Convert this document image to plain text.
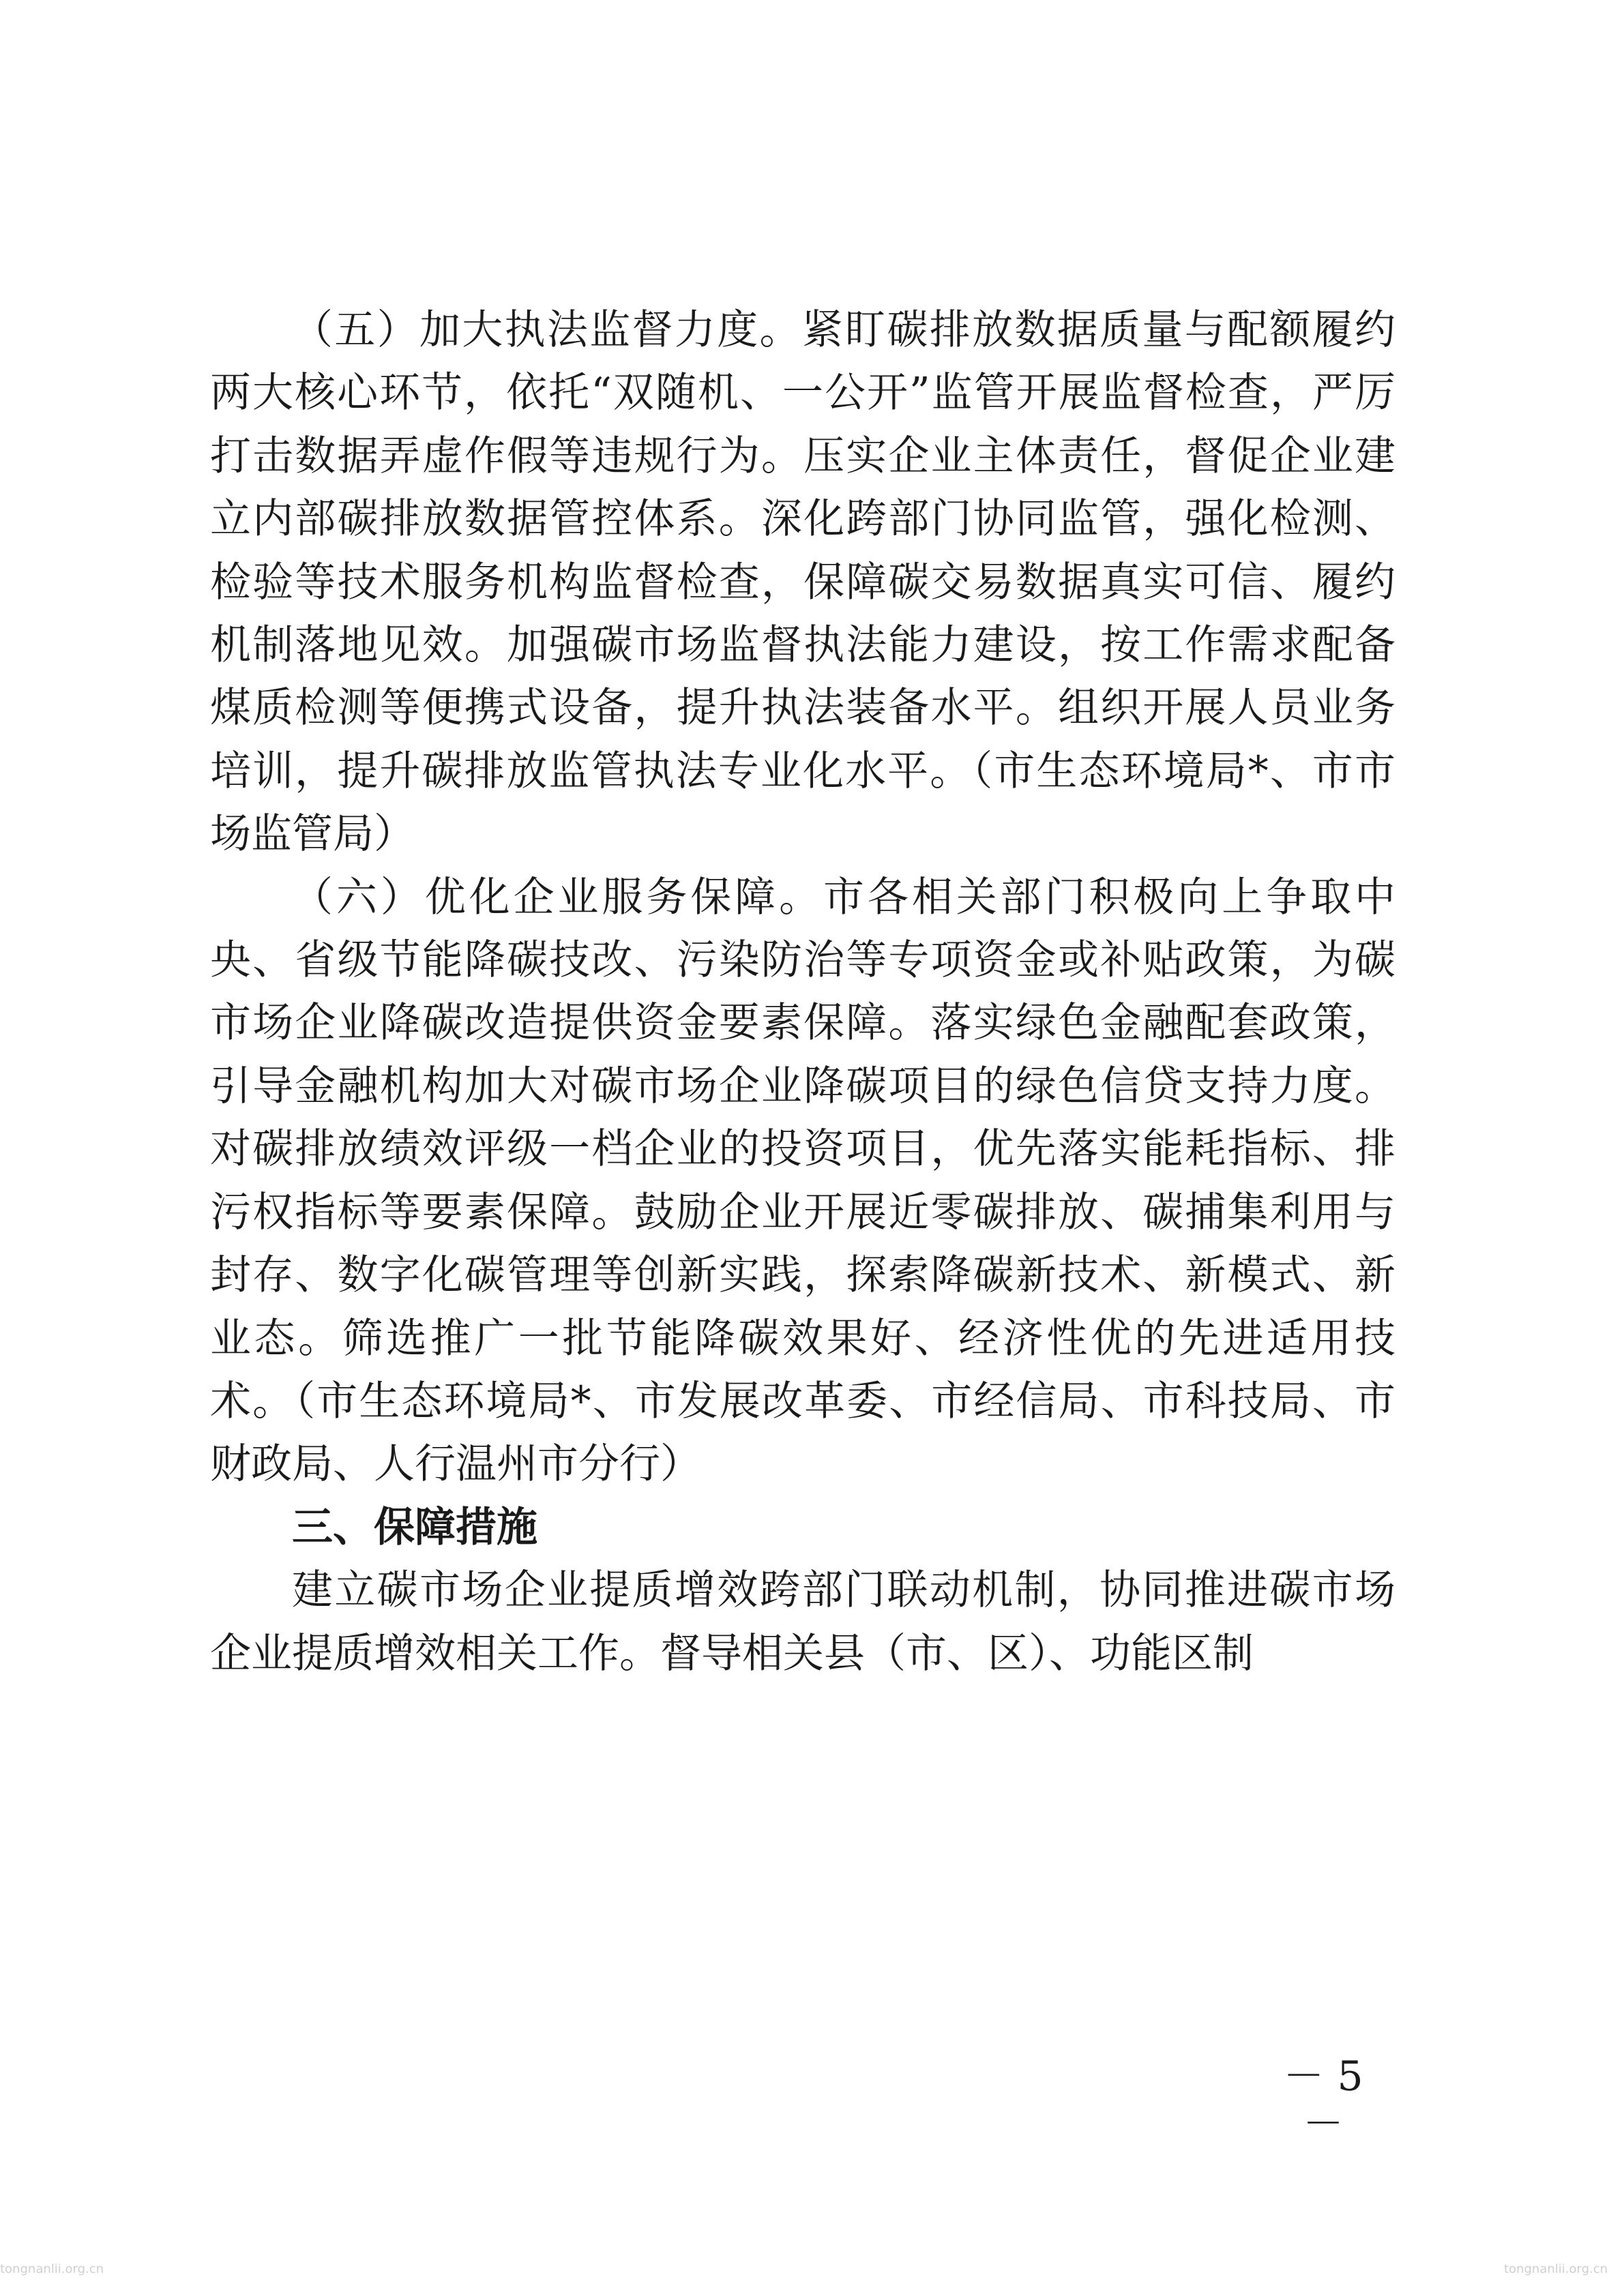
（五）加大执法监督力度。紧盯碳排放数据质量与配额履约两大核心环节，依托“双随机、一公开”监管开展监督检查，严厉打击数据弄虚作假等违规行为。压实企业主体责任，督促企业建立内部碳排放数据管控体系。深化跨部门协同监管，强化检测、检验等技术服务机构监督检查，保障碳交易数据真实可信、履约机制落地见效。加强碳市场监督执法能力建设，按工作需求配备煤质检测等便携式设备，提升执法装备水平。组织开展人员业务培训，提升碳排放监管执法专业化水平。（市生态环境局*、市市场监管局）

（六）优化企业服务保障。市各相关部门积极向上争取中央、省级节能降碳技改、污染防治等专项资金或补贴政策，为碳市场企业降碳改造提供资金要素保障。落实绿色金融配套政策，引导金融机构加大对碳市场企业降碳项目的绿色信贷支持力度。对碳排放绩效评级一档企业的投资项目，优先落实能耗指标、排污权指标等要素保障。鼓励企业开展近零碳排放、碳捕集利用与封存、数字化碳管理等创新实践，探索降碳新技术、新模式、新业态。筛选推广一批节能降碳效果好、经济性优的先进适用技术。（市生态环境局*、市发展改革委、市经信局、市科技局、市财政局、人行温州市分行）

三、保障措施

建立碳市场企业提质增效跨部门联动机制，协同推进碳市场企业提质增效相关工作。督导相关县（市、区）、功能区制

－ 5 －
tongnanlii.org.cn	tongnanlii.org.cn
